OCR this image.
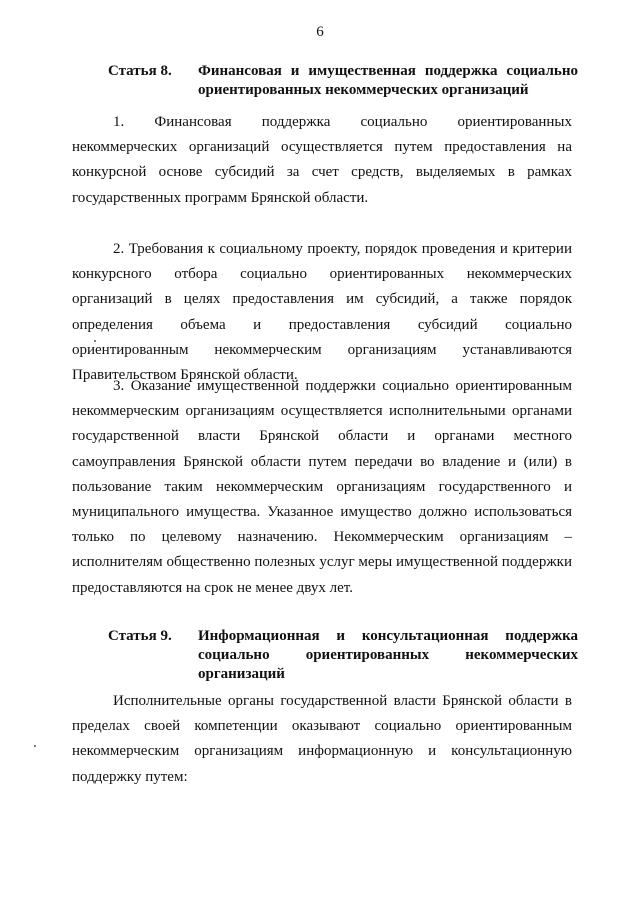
6
Статья 8.	Финансовая и имущественная поддержка социально ориентированных некоммерческих организаций

1. Финансовая поддержка социально ориентированных некоммерческих организаций осуществляется путем предоставления на конкурсной основе субсидий за счет средств, выделяемых в рамках государственных программ Брянской области.

2. Требования к социальному проекту, порядок проведения и критерии конкурсного отбора социально ориентированных некоммерческих организаций в целях предоставления им субсидий, а также порядок определения объема и предоставления субсидий социально ориентированным некоммерческим организациям устанавливаются Правительством Брянской области.

3. Оказание имущественной поддержки социально ориентированным некоммерческим организациям осуществляется исполнительными органами государственной власти Брянской области и органами местного самоуправления Брянской области путем передачи во владение и (или) в пользование таким некоммерческим организациям государственного и муниципального имущества. Указанное имущество должно использоваться только по целевому назначению. Некоммерческим организациям – исполнителям общественно полезных услуг меры имущественной поддержки предоставляются на срок не менее двух лет.

Статья 9.	Информационная и консультационная поддержка социально ориентированных некоммерческих организаций

Исполнительные органы государственной власти Брянской области в пределах своей компетенции оказывают социально ориентированным некоммерческим организациям информационную и консультационную поддержку путем:
